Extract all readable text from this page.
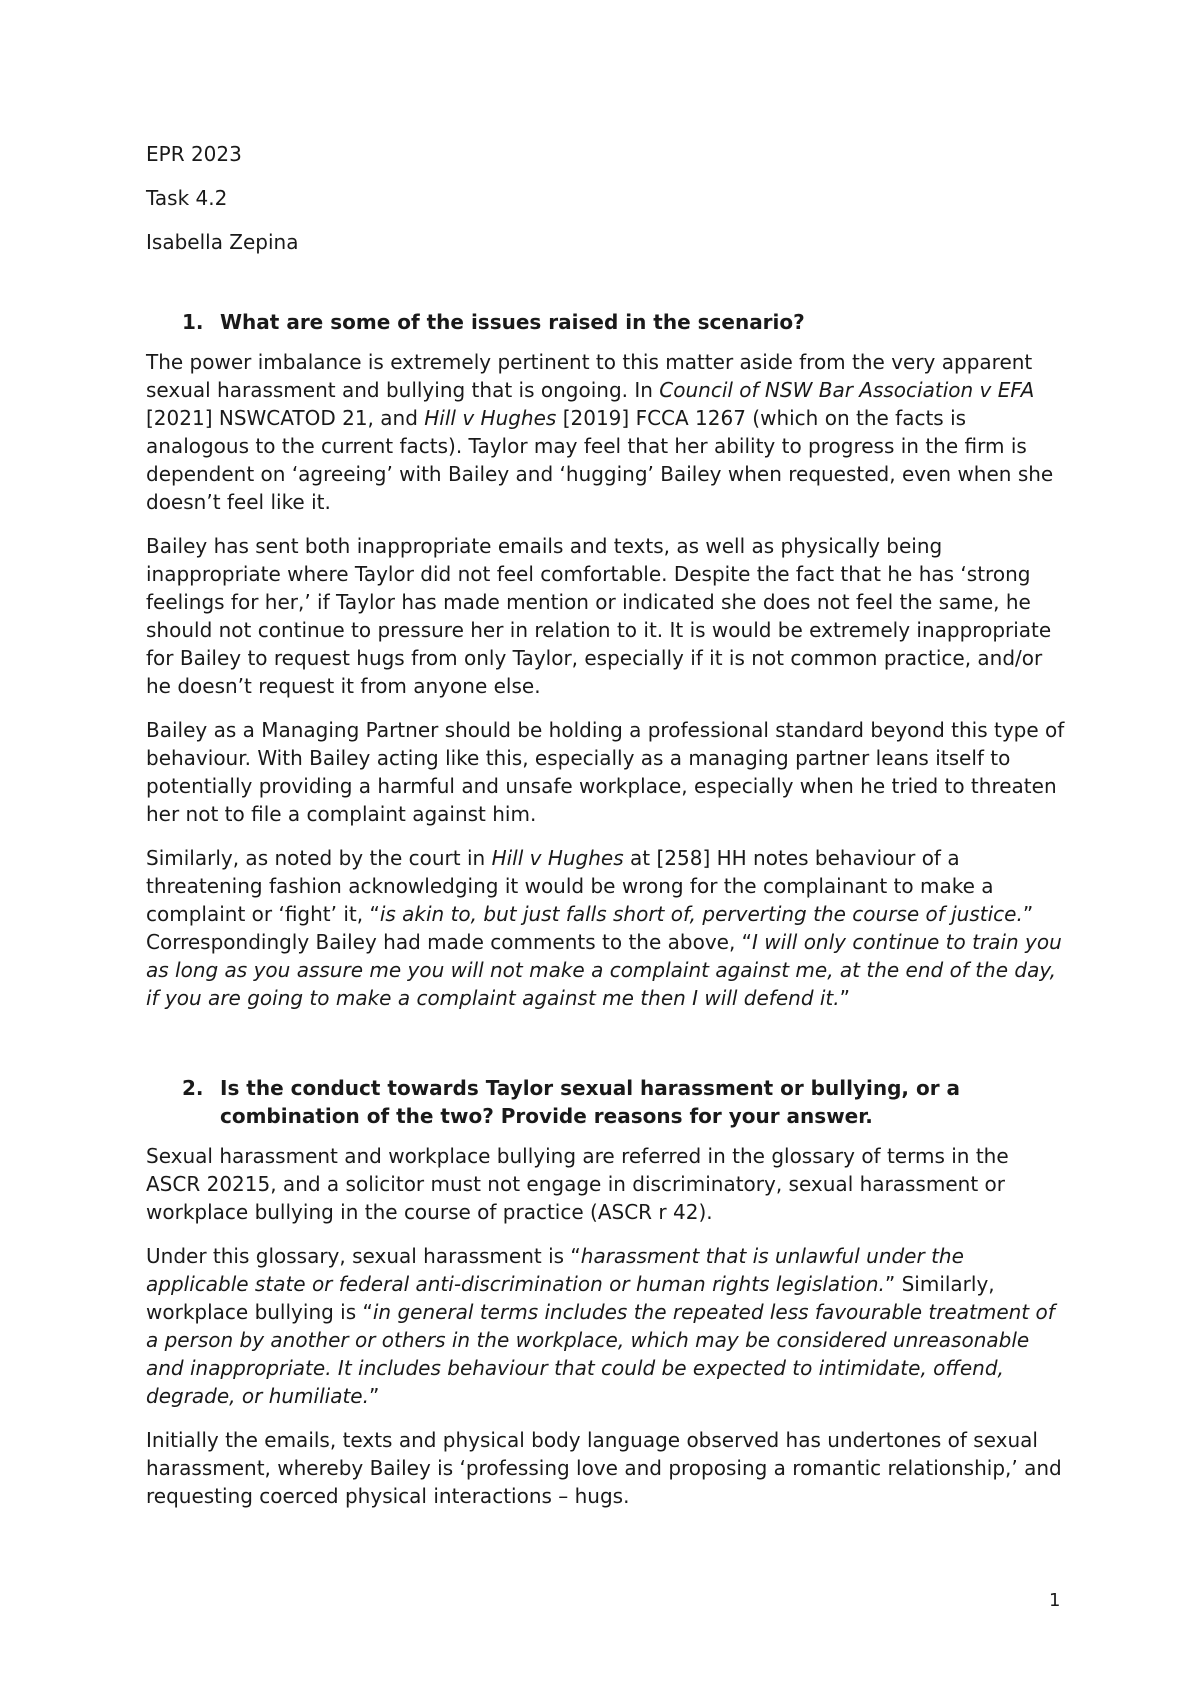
EPR 2023
Task 4.2
Isabella Zepina
1. What are some of the issues raised in the scenario?

The power imbalance is extremely pertinent to this matter aside from the very apparent sexual harassment and bullying that is ongoing. In Council of NSW Bar Association v EFA [2021] NSWCATOD 21, and Hill v Hughes [2019] FCCA 1267 (which on the facts is analogous to the current facts). Taylor may feel that her ability to progress in the firm is dependent on ‘agreeing’ with Bailey and ‘hugging’ Bailey when requested, even when she doesn’t feel like it.

Bailey has sent both inappropriate emails and texts, as well as physically being inappropriate where Taylor did not feel comfortable. Despite the fact that he has ‘strong feelings for her,’ if Taylor has made mention or indicated she does not feel the same, he should not continue to pressure her in relation to it. It is would be extremely inappropriate for Bailey to request hugs from only Taylor, especially if it is not common practice, and/or he doesn’t request it from anyone else.

Bailey as a Managing Partner should be holding a professional standard beyond this type of behaviour. With Bailey acting like this, especially as a managing partner leans itself to potentially providing a harmful and unsafe workplace, especially when he tried to threaten her not to file a complaint against him.

Similarly, as noted by the court in Hill v Hughes at [258] HH notes behaviour of a threatening fashion acknowledging it would be wrong for the complainant to make a complaint or ‘fight’ it, “is akin to, but just falls short of, perverting the course of justice.” Correspondingly Bailey had made comments to the above, “I will only continue to train you as long as you assure me you will not make a complaint against me, at the end of the day, if you are going to make a complaint against me then I will defend it.”

2. Is the conduct towards Taylor sexual harassment or bullying, or a combination of the two? Provide reasons for your answer.

Sexual harassment and workplace bullying are referred in the glossary of terms in the ASCR 20215, and a solicitor must not engage in discriminatory, sexual harassment or workplace bullying in the course of practice (ASCR r 42).

Under this glossary, sexual harassment is “harassment that is unlawful under the applicable state or federal anti-discrimination or human rights legislation.” Similarly, workplace bullying is “in general terms includes the repeated less favourable treatment of a person by another or others in the workplace, which may be considered unreasonable and inappropriate. It includes behaviour that could be expected to intimidate, offend, degrade, or humiliate.”

Initially the emails, texts and physical body language observed has undertones of sexual harassment, whereby Bailey is ‘professing love and proposing a romantic relationship,’ and requesting coerced physical interactions – hugs.

1
